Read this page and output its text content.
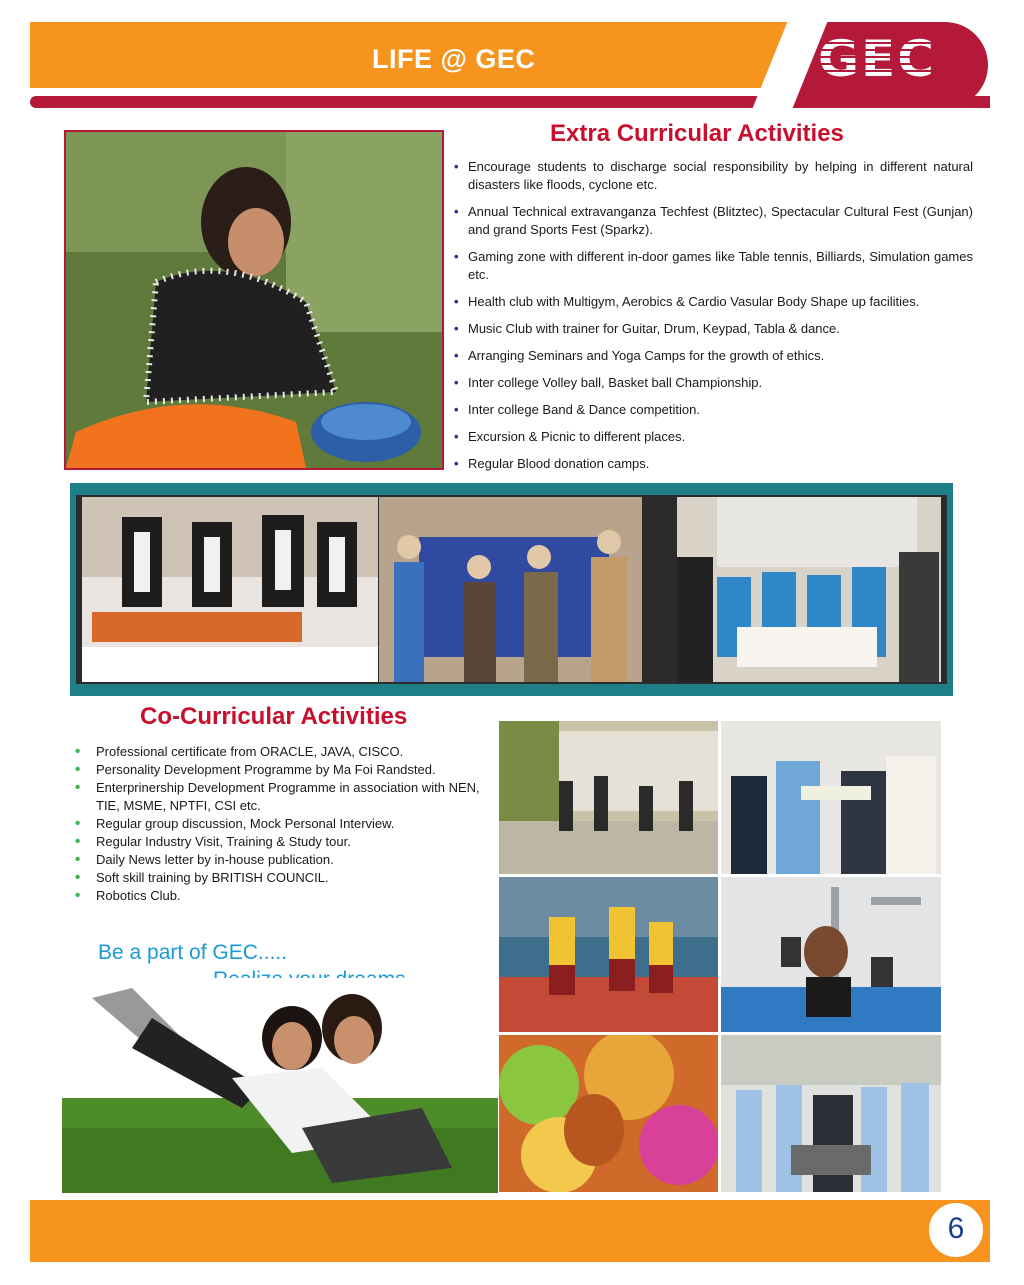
LIFE @ GEC	GEC
Extra Curricular Activities
• Encourage students to discharge social responsibility by helping in different natural disasters like floods, cyclone etc.
• Annual Technical extravanganza Techfest (Blitztec), Spectacular Cultural Fest (Gunjan) and grand Sports Fest (Sparkz).
• Gaming zone with different in-door games like Table tennis, Billiards, Simulation games etc.
• Health club with Multigym, Aerobics & Cardio Vasular Body Shape up facilities.
• Music Club with trainer for Guitar, Drum, Keypad, Tabla & dance.
• Arranging Seminars and Yoga Camps for the growth of ethics.
• Inter college Volley ball, Basket ball Championship.
• Inter college Band & Dance competition.
• Excursion & Picnic to different places.
• Regular Blood donation camps.
Co-Curricular Activities
• Professional certificate from ORACLE, JAVA, CISCO.
• Personality Development Programme by Ma Foi Randsted.
• Enterprinership Development Programme in association with NEN, TIE, MSME, NPTFI, CSI etc.
• Regular group discussion, Mock Personal Interview.
• Regular Industry Visit, Training & Study tour.
• Daily News letter by in-house publication.
• Soft skill training by BRITISH COUNCIL.
• Robotics Club.
Be a part of GEC.....
6
